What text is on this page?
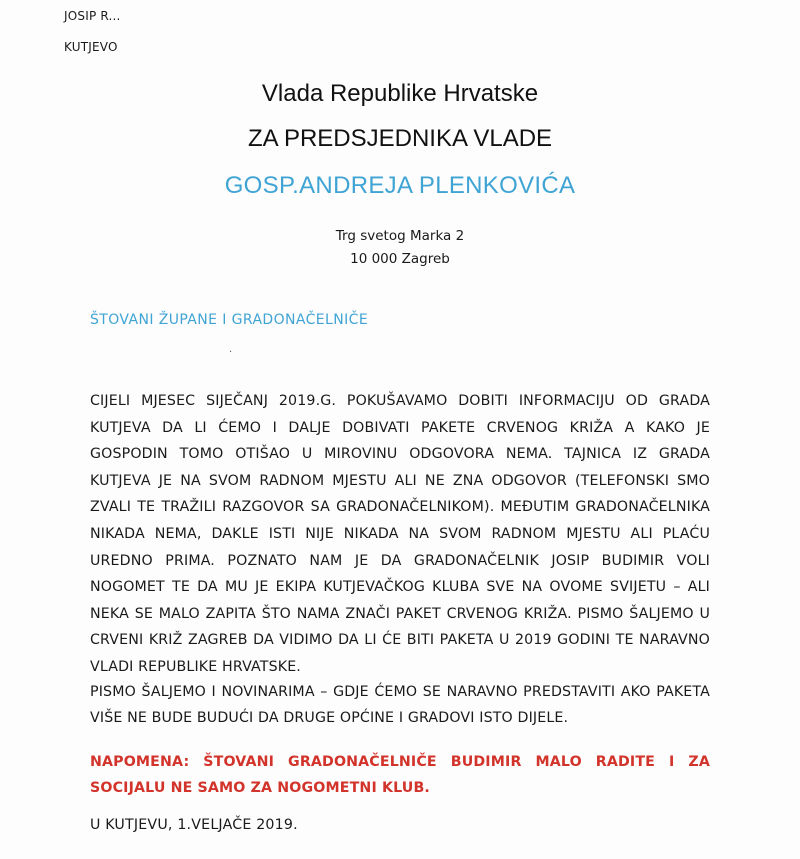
JOSIP R...
KUTJEVO
Vlada Republike Hrvatske
ZA PREDSJEDNIKA VLADE
GOSP.ANDREJA PLENKOVIĆA
Trg svetog Marka 2
10 000 Zagreb
ŠTOVANI ŽUPANE I GRADONAČELNIČE
·
CIJELI MJESEC SIJEČANJ 2019.G. POKUŠAVAMO DOBITI INFORMACIJU OD GRADA KUTJEVA DA LI ĆEMO I DALJE DOBIVATI PAKETE CRVENOG KRIŽA A KAKO JE GOSPODIN TOMO OTIŠAO U MIROVINU ODGOVORA NEMA. TAJNICA IZ GRADA KUTJEVA JE NA SVOM RADNOM MJESTU ALI NE ZNA ODGOVOR (TELEFONSKI SMO ZVALI TE TRAŽILI RAZGOVOR SA GRADONAČELNIKOM). MEĐUTIM GRADONAČELNIKA NIKADA NEMA, DAKLE ISTI NIJE NIKADA NA SVOM RADNOM MJESTU ALI PLAĆU UREDNO PRIMA. POZNATO NAM JE DA GRADONAČELNIK JOSIP BUDIMIR VOLI NOGOMET TE DA MU JE EKIPA KUTJEVAČKOG KLUBA SVE NA OVOME SVIJETU – ALI NEKA SE MALO ZAPITA ŠTO NAMA ZNAČI PAKET CRVENOG KRIŽA. PISMO ŠALJEMO U CRVENI KRIŽ ZAGREB DA VIDIMO DA LI ĆE BITI PAKETA U 2019 GODINI TE NARAVNO VLADI REPUBLIKE HRVATSKE.
PISMO ŠALJEMO I NOVINARIMA – GDJE ĆEMO SE NARAVNO PREDSTAVITI AKO PAKETA VIŠE NE BUDE BUDUĆI DA DRUGE OPĆINE I GRADOVI ISTO DIJELE.
NAPOMENA: ŠTOVANI GRADONAČELNIČE BUDIMIR MALO RADITE I ZA SOCIJALU NE SAMO ZA NOGOMETNI KLUB.
U KUTJEVU, 1.VELJAČE 2019.
